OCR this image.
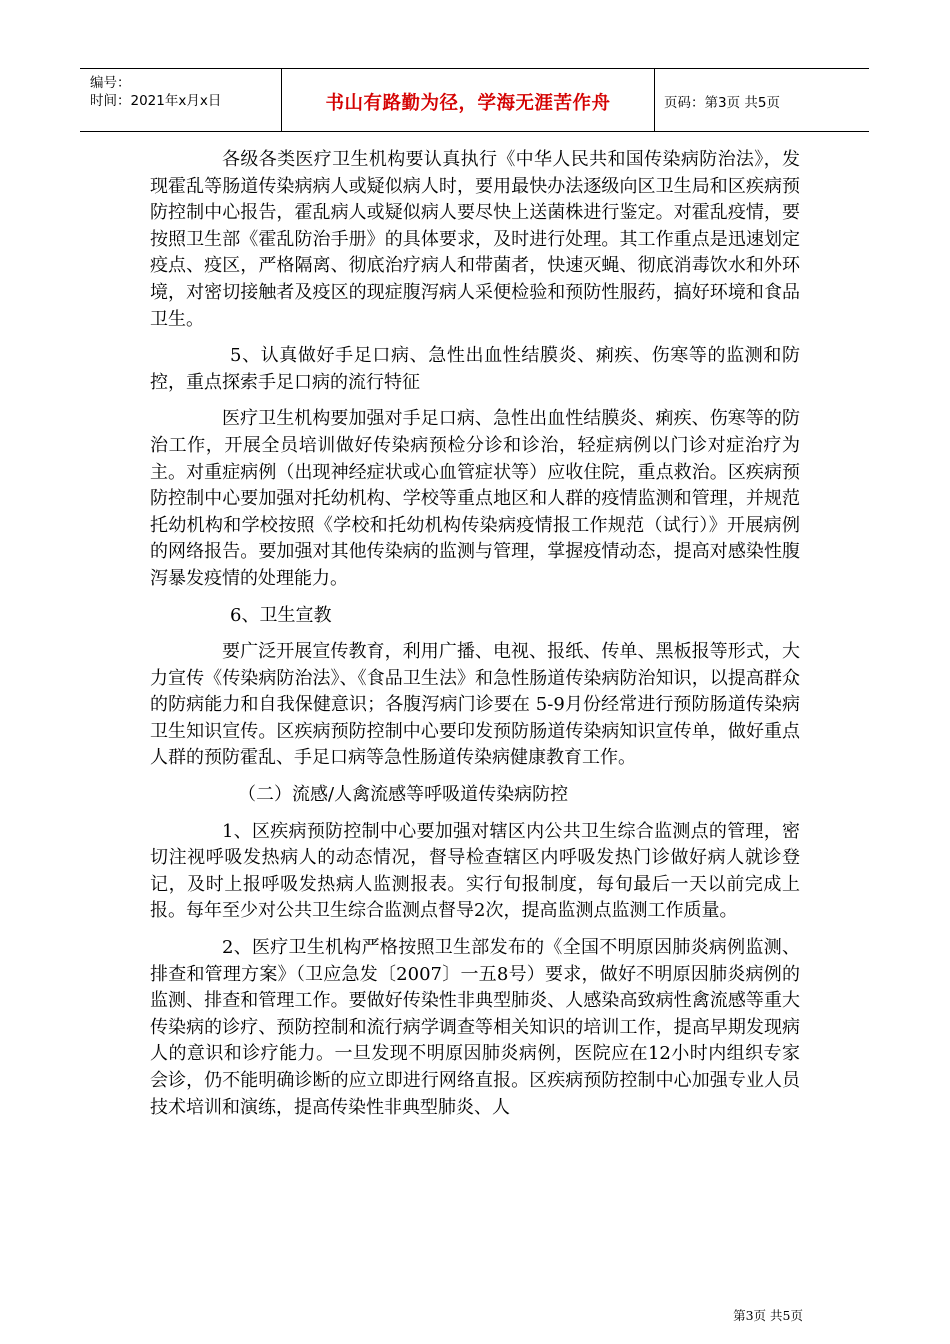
编号：
时间：2021年x月x日	书山有路勤为径，学海无涯苦作舟	页码：第3页 共5页

各级各类医疗卫生机构要认真执行《中华人民共和国传染病防治法》，发现霍乱等肠道传染病病人或疑似病人时，要用最快办法逐级向区卫生局和区疾病预防控制中心报告，霍乱病人或疑似病人要尽快上送菌株进行鉴定。对霍乱疫情，要按照卫生部《霍乱防治手册》的具体要求，及时进行处理。其工作重点是迅速划定疫点、疫区，严格隔离、彻底治疗病人和带菌者，快速灭蝇、彻底消毒饮水和外环境，对密切接触者及疫区的现症腹泻病人采便检验和预防性服药，搞好环境和食品卫生。

5、认真做好手足口病、急性出血性结膜炎、痢疾、伤寒等的监测和防控，重点探索手足口病的流行特征

医疗卫生机构要加强对手足口病、急性出血性结膜炎、痢疾、伤寒等的防治工作，开展全员培训做好传染病预检分诊和诊治，轻症病例以门诊对症治疗为主。对重症病例（出现神经症状或心血管症状等）应收住院，重点救治。区疾病预防控制中心要加强对托幼机构、学校等重点地区和人群的疫情监测和管理，并规范托幼机构和学校按照《学校和托幼机构传染病疫情报工作规范（试行）》开展病例的网络报告。要加强对其他传染病的监测与管理，掌握疫情动态，提高对感染性腹泻暴发疫情的处理能力。

6、卫生宣教

要广泛开展宣传教育，利用广播、电视、报纸、传单、黑板报等形式，大力宣传《传染病防治法》、《食品卫生法》和急性肠道传染病防治知识，以提高群众的防病能力和自我保健意识；各腹泻病门诊要在 5-9月份经常进行预防肠道传染病卫生知识宣传。区疾病预防控制中心要印发预防肠道传染病知识宣传单，做好重点人群的预防霍乱、手足口病等急性肠道传染病健康教育工作。

（二）流感/人禽流感等呼吸道传染病防控

1、区疾病预防控制中心要加强对辖区内公共卫生综合监测点的管理，密切注视呼吸发热病人的动态情况，督导检查辖区内呼吸发热门诊做好病人就诊登记，及时上报呼吸发热病人监测报表。实行旬报制度，每旬最后一天以前完成上报。每年至少对公共卫生综合监测点督导2次，提高监测点监测工作质量。

2、医疗卫生机构严格按照卫生部发布的《全国不明原因肺炎病例监测、排查和管理方案》（卫应急发〔2007〕一五8号）要求，做好不明原因肺炎病例的监测、排查和管理工作。要做好传染性非典型肺炎、人感染高致病性禽流感等重大传染病的诊疗、预防控制和流行病学调查等相关知识的培训工作，提高早期发现病人的意识和诊疗能力。一旦发现不明原因肺炎病例，医院应在12小时内组织专家会诊，仍不能明确诊断的应立即进行网络直报。区疾病预防控制中心加强专业人员技术培训和演练，提高传染性非典型肺炎、人

第3页 共5页
